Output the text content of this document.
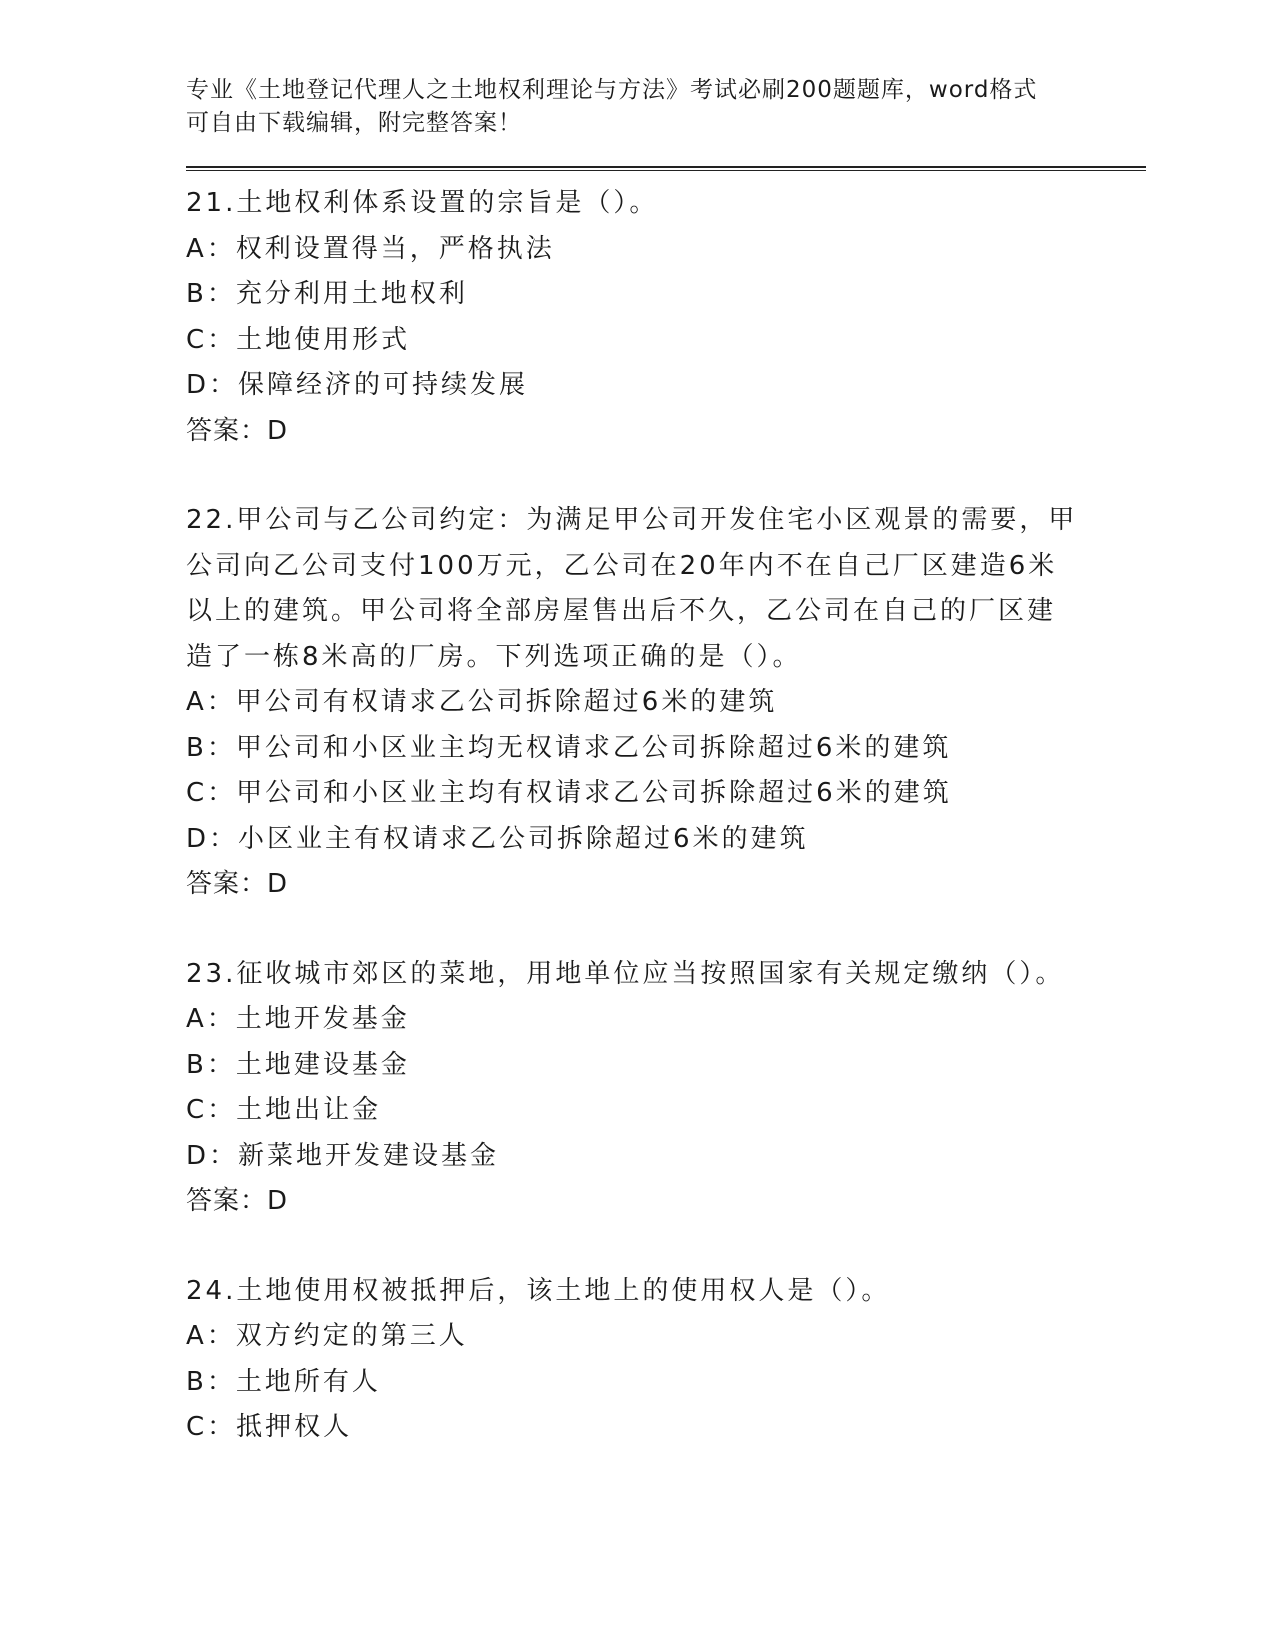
专业《土地登记代理人之土地权利理论与方法》考试必刷200题题库，word格式
可自由下载编辑，附完整答案！
21.土地权利体系设置的宗旨是（）。
A：权利设置得当，严格执法
B：充分利用土地权利
C：土地使用形式
D：保障经济的可持续发展
答案：D
22.甲公司与乙公司约定：为满足甲公司开发住宅小区观景的需要，甲
公司向乙公司支付100万元，乙公司在20年内不在自己厂区建造6米
以上的建筑。甲公司将全部房屋售出后不久，乙公司在自己的厂区建
造了一栋8米高的厂房。下列选项正确的是（）。
A：甲公司有权请求乙公司拆除超过6米的建筑
B：甲公司和小区业主均无权请求乙公司拆除超过6米的建筑
C：甲公司和小区业主均有权请求乙公司拆除超过6米的建筑
D：小区业主有权请求乙公司拆除超过6米的建筑
答案：D
23.征收城市郊区的菜地，用地单位应当按照国家有关规定缴纳（）。
A：土地开发基金
B：土地建设基金
C：土地出让金
D：新菜地开发建设基金
答案：D
24.土地使用权被抵押后，该土地上的使用权人是（）。
A：双方约定的第三人
B：土地所有人
C：抵押权人
